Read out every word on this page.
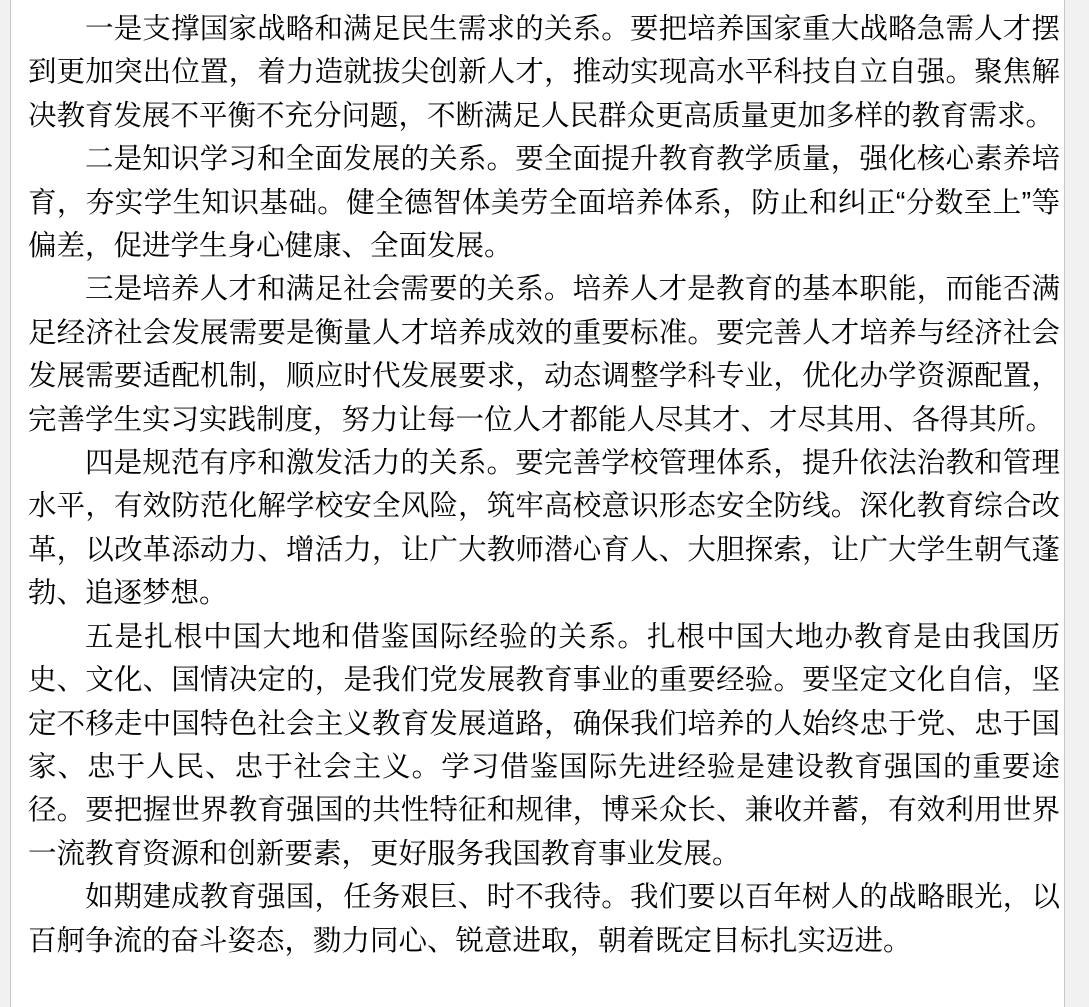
一是支撑国家战略和满足民生需求的关系。要把培养国家重大战略急需人才摆到更加突出位置，着力造就拔尖创新人才，推动实现高水平科技自立自强。聚焦解决教育发展不平衡不充分问题，不断满足人民群众更高质量更加多样的教育需求。

二是知识学习和全面发展的关系。要全面提升教育教学质量，强化核心素养培育，夯实学生知识基础。健全德智体美劳全面培养体系，防止和纠正“分数至上”等偏差，促进学生身心健康、全面发展。

三是培养人才和满足社会需要的关系。培养人才是教育的基本职能，而能否满足经济社会发展需要是衡量人才培养成效的重要标准。要完善人才培养与经济社会发展需要适配机制，顺应时代发展要求，动态调整学科专业，优化办学资源配置，完善学生实习实践制度，努力让每一位人才都能人尽其才、才尽其用、各得其所。

四是规范有序和激发活力的关系。要完善学校管理体系，提升依法治教和管理水平，有效防范化解学校安全风险，筑牢高校意识形态安全防线。深化教育综合改革，以改革添动力、增活力，让广大教师潜心育人、大胆探索，让广大学生朝气蓬勃、追逐梦想。

五是扎根中国大地和借鉴国际经验的关系。扎根中国大地办教育是由我国历史、文化、国情决定的，是我们党发展教育事业的重要经验。要坚定文化自信，坚定不移走中国特色社会主义教育发展道路，确保我们培养的人始终忠于党、忠于国家、忠于人民、忠于社会主义。学习借鉴国际先进经验是建设教育强国的重要途径。要把握世界教育强国的共性特征和规律，博采众长、兼收并蓄，有效利用世界一流教育资源和创新要素，更好服务我国教育事业发展。

如期建成教育强国，任务艰巨、时不我待。我们要以百年树人的战略眼光，以百舸争流的奋斗姿态，勠力同心、锐意进取，朝着既定目标扎实迈进。
